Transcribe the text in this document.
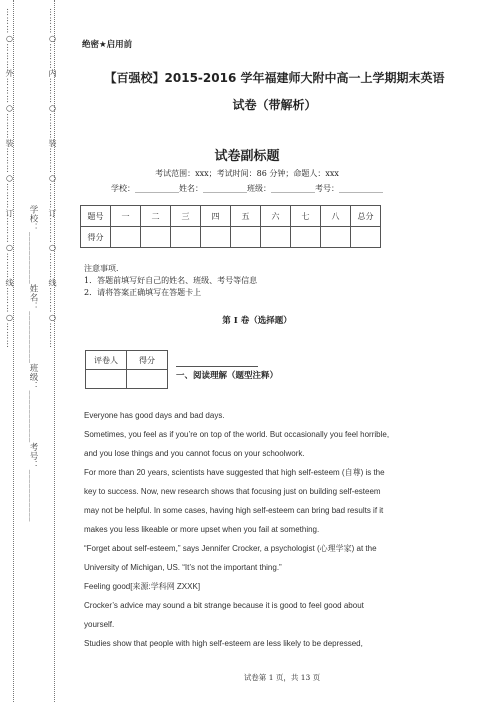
………○………外………○………装………○………订………○………线………○………	………○………内………○………装………○………订………○………线………○………
学校：___________姓名：___________班级：___________考号：___________
绝密★启用前
【百强校】2015-2016 学年福建师大附中高一上学期期末英语
试卷（带解析）
试卷副标题
考试范围：xxx；考试时间：86 分钟；命题人：xxx
学校：___________姓名：___________班级：___________考号：___________
题号	一	二	三	四	五	六	七	八	总分
得分									
注意事项．
1．答题前填写好自己的姓名、班级、考号等信息
2．请将答案正确填写在答题卡上
第 I 卷（选择题）
评卷人	得分

一、阅读理解（题型注释）

Everyone has good days and bad days.

Sometimes, you feel as if you’re on top of the world. But occasionally you feel horrible,

and you lose things and you cannot focus on your schoolwork.

For more than 20 years, scientists have suggested that high self-esteem (自尊) is the

key to success. Now, new research shows that focusing just on building self-esteem

may not be helpful. In some cases, having high self-esteem can bring bad results if it

makes you less likeable or more upset when you fail at something.

“Forget about self-esteem,” says Jennifer Crocker, a psychologist (心理学家) at the

University of Michigan, US. “It’s not the important thing.”

Feeling good[来源:学科网 ZXXK]

Crocker’s advice may sound a bit strange because it is good to feel good about

yourself.

Studies show that people with high self-esteem are less likely to be depressed,

试卷第 1 页，共 13 页
